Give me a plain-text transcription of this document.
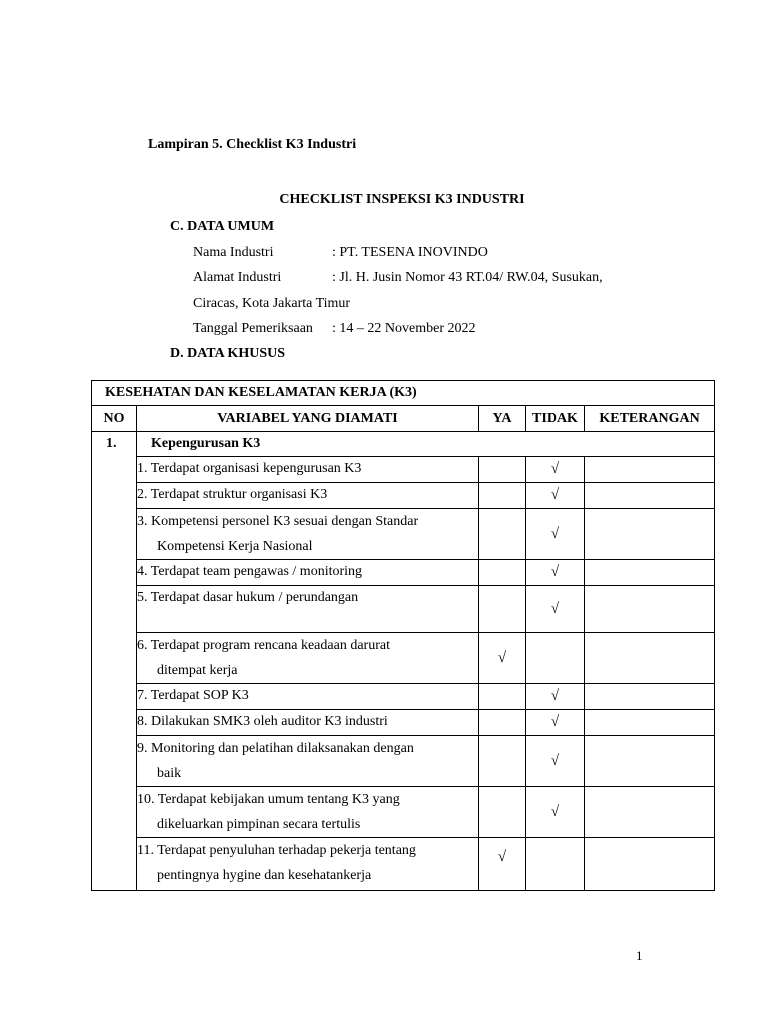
Lampiran 5. Checklist K3 Industri
CHECKLIST INSPEKSI K3 INDUSTRI
C. DATA UMUM
Nama Industri	: PT. TESENA INOVINDO
Alamat Industri	: Jl. H. Jusin Nomor 43 RT.04/ RW.04, Susukan,
Ciracas, Kota Jakarta Timur
Tanggal Pemeriksaan : 14 – 22 November 2022
D. DATA KHUSUS
KESEHATAN DAN KESELAMATAN KERJA (K3)				
NO	VARIABEL YANG DIAMATI	YA	TIDAK	KETERANGAN
1.	Kepengurusan K3			
	1. Terdapat organisasi kepengurusan K3		√	
	2. Terdapat struktur organisasi K3		√	

	3. Kompetensi personel K3 sesuai dengan Standar
Kompetensi Kerja Nasional		√	
	4. Terdapat team pengawas / monitoring		√	
	5. Terdapat dasar hukum / perundangan		√	

	6. Terdapat program rencana keadaan darurat
ditempat kerja	√		
	7. Terdapat SOP K3		√	
	8. Dilakukan SMK3 oleh auditor K3 industri		√	

	9. Monitoring dan pelatihan dilaksanakan dengan
baik		√	

	10. Terdapat kebijakan umum tentang K3 yang
dikeluarkan pimpinan secara tertulis		√	

	11. Terdapat penyuluhan terhadap pekerja tentang
pentingnya hygine dan kesehatankerja	√		
1
